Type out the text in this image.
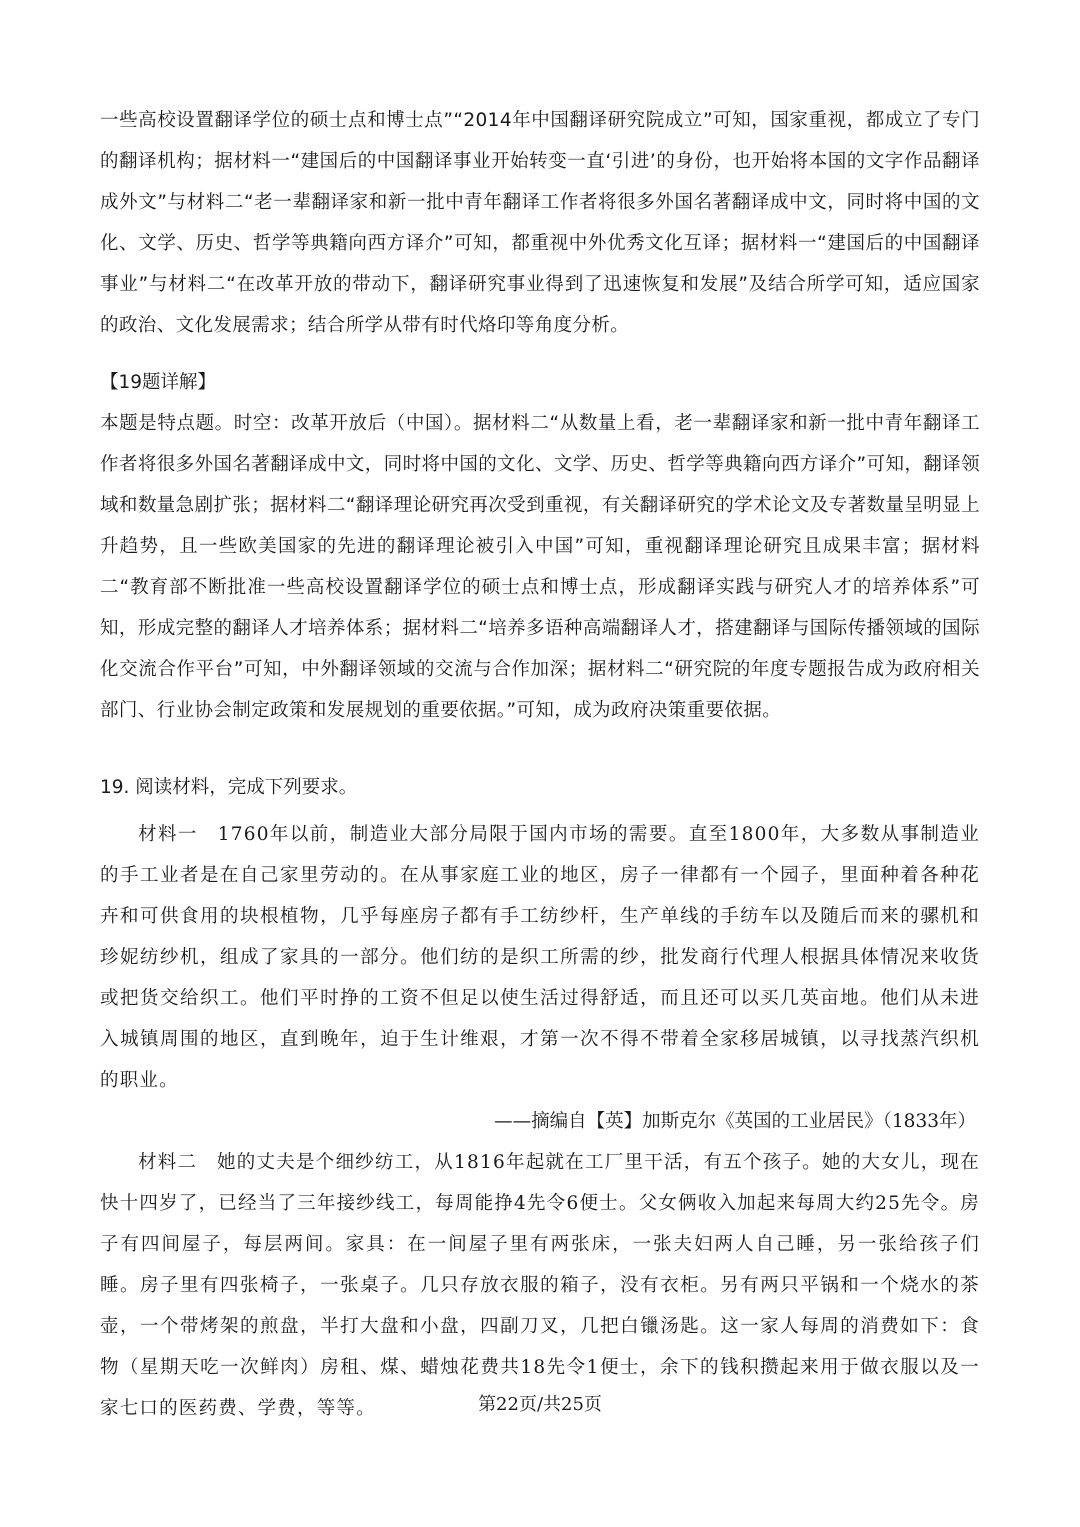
一些高校设置翻译学位的硕士点和博士点”“2014年中国翻译研究院成立”可知，国家重视，都成立了专门的翻译机构；据材料一“建国后的中国翻译事业开始转变一直‘引进’的身份，也开始将本国的文字作品翻译成外文”与材料二“老一辈翻译家和新一批中青年翻译工作者将很多外国名著翻译成中文，同时将中国的文化、文学、历史、哲学等典籍向西方译介”可知，都重视中外优秀文化互译；据材料一“建国后的中国翻译事业”与材料二“在改革开放的带动下，翻译研究事业得到了迅速恢复和发展”及结合所学可知，适应国家的政治、文化发展需求；结合所学从带有时代烙印等角度分析。

【19题详解】

本题是特点题。时空：改革开放后（中国）。据材料二“从数量上看，老一辈翻译家和新一批中青年翻译工作者将很多外国名著翻译成中文，同时将中国的文化、文学、历史、哲学等典籍向西方译介”可知，翻译领域和数量急剧扩张；据材料二“翻译理论研究再次受到重视，有关翻译研究的学术论文及专著数量呈明显上升趋势，且一些欧美国家的先进的翻译理论被引入中国”可知，重视翻译理论研究且成果丰富；据材料二“教育部不断批准一些高校设置翻译学位的硕士点和博士点，形成翻译实践与研究人才的培养体系”可知，形成完整的翻译人才培养体系；据材料二“培养多语种高端翻译人才，搭建翻译与国际传播领域的国际化交流合作平台”可知，中外翻译领域的交流与合作加深；据材料二“研究院的年度专题报告成为政府相关部门、行业协会制定政策和发展规划的重要依据。”可知，成为政府决策重要依据。

19. 阅读材料，完成下列要求。

材料一　1760年以前，制造业大部分局限于国内市场的需要。直至1800年，大多数从事制造业的手工业者是在自己家里劳动的。在从事家庭工业的地区，房子一律都有一个园子，里面种着各种花卉和可供食用的块根植物，几乎每座房子都有手工纺纱杆，生产单线的手纺车以及随后而来的骡机和珍妮纺纱机，组成了家具的一部分。他们纺的是织工所需的纱，批发商行代理人根据具体情况来收货或把货交给织工。他们平时挣的工资不但足以使生活过得舒适，而且还可以买几英亩地。他们从未进入城镇周围的地区，直到晚年，迫于生计维艰，才第一次不得不带着全家移居城镇，以寻找蒸汽织机的职业。

——摘编自【英】加斯克尔《英国的工业居民》（1833年）

材料二　她的丈夫是个细纱纺工，从1816年起就在工厂里干活，有五个孩子。她的大女儿，现在快十四岁了，已经当了三年接纱线工，每周能挣4先令6便士。父女俩收入加起来每周大约25先令。房子有四间屋子，每层两间。家具：在一间屋子里有两张床，一张夫妇两人自己睡，另一张给孩子们睡。房子里有四张椅子，一张桌子。几只存放衣服的箱子，没有衣柜。另有两只平锅和一个烧水的茶壶，一个带烤架的煎盘，半打大盘和小盘，四副刀叉，几把白镴汤匙。这一家人每周的消费如下：食物（星期天吃一次鲜肉）房租、煤、蜡烛花费共18先令1便士，余下的钱积攒起来用于做衣服以及一家七口的医药费、学费，等等。	第22页/共25页
